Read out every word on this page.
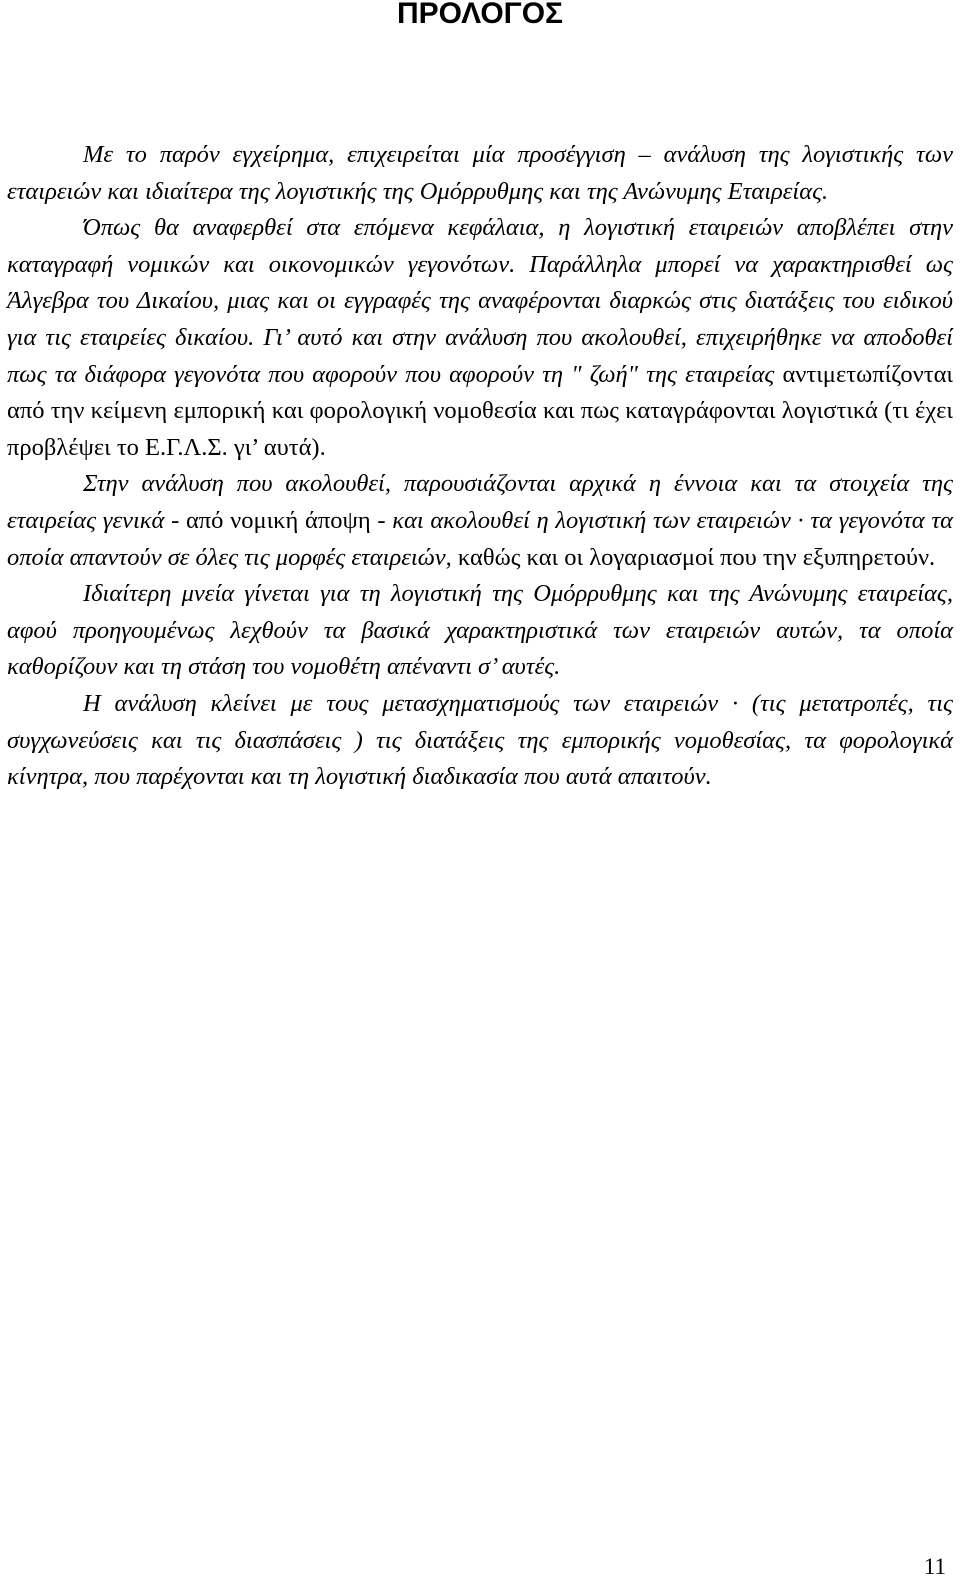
ΠΡΟΛΟΓΟΣ

Με το παρόν εγχείρημα, επιχειρείται μία προσέγγιση – ανάλυση της λογιστικής των εταιρειών και ιδιαίτερα της λογιστικής της Ομόρρυθμης και της Ανώνυμης Εταιρείας.

Όπως θα αναφερθεί στα επόμενα κεφάλαια, η λογιστική εταιρειών αποβλέπει στην καταγραφή νομικών και οικονομικών γεγονότων. Παράλληλα μπορεί να χαρακτηρισθεί ως Άλγεβρα του Δικαίου, μιας και οι εγγραφές της αναφέρονται διαρκώς στις διατάξεις του ειδικού για τις εταιρείες δικαίου. Γι’ αυτό και στην ανάλυση που ακολουθεί, επιχειρήθηκε να αποδοθεί πως τα διάφορα γεγονότα που αφορούν που αφορούν τη " ζωή" της εταιρείας αντιμετωπίζονται από την κείμενη εμπορική και φορολογική νομοθεσία και πως καταγράφονται λογιστικά (τι έχει προβλέψει το Ε.Γ.Λ.Σ. γι’ αυτά).

Στην ανάλυση που ακολουθεί, παρουσιάζονται αρχικά η έννοια και τα στοιχεία της εταιρείας γενικά - από νομική άποψη - και ακολουθεί η λογιστική των εταιρειών · τα γεγονότα τα οποία απαντούν σε όλες τις μορφές εταιρειών, καθώς και οι λογαριασμοί που την εξυπηρετούν.

Ιδιαίτερη μνεία γίνεται για τη λογιστική της Ομόρρυθμης και της Ανώνυμης εταιρείας, αφού προηγουμένως λεχθούν τα βασικά χαρακτηριστικά των εταιρειών αυτών, τα οποία καθορίζουν και τη στάση του νομοθέτη απέναντι σ’ αυτές.

Η ανάλυση κλείνει με τους μετασχηματισμούς των εταιρειών · (τις μετατροπές, τις συγχωνεύσεις και τις διασπάσεις ) τις διατάξεις της εμπορικής νομοθεσίας, τα φορολογικά κίνητρα, που παρέχονται και τη λογιστική διαδικασία που αυτά απαιτούν.

11
